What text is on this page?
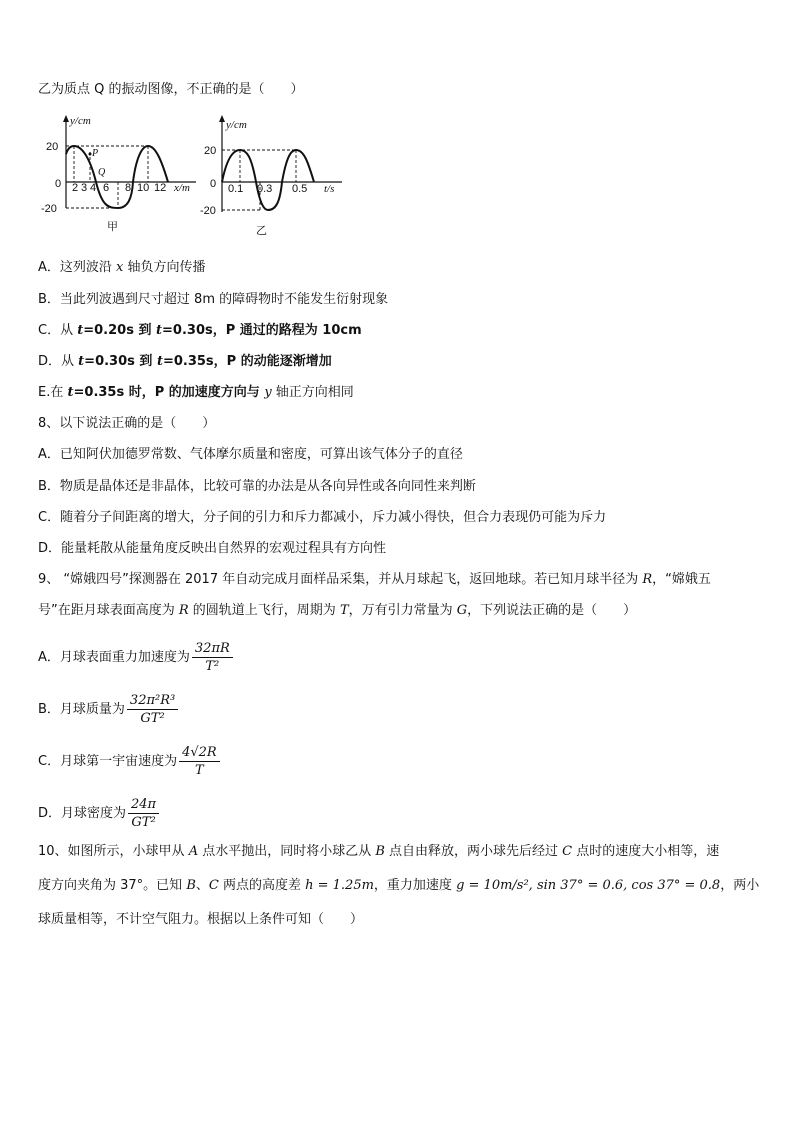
乙为质点 Q 的振动图像，不正确的是（　　）
y/cm
20
0
-20
2 3 4 6 8 10 12 x/m
P
Q
甲
y/cm
20
0
-20
0.1 0.3 0.5 t/s
乙
A．这列波沿 x 轴负方向传播
B．当此列波遇到尺寸超过 8m 的障碍物时不能发生衍射现象
C．从 t=0.20s 到 t=0.30s，P 通过的路程为 10cm
D．从 t=0.30s 到 t=0.35s，P 的动能逐渐增加
E.在 t=0.35s 时，P 的加速度方向与 y 轴正方向相同
8、以下说法正确的是（　　）
A．已知阿伏加德罗常数、气体摩尔质量和密度，可算出该气体分子的直径
B．物质是晶体还是非晶体，比较可靠的办法是从各向异性或各向同性来判断
C．随着分子间距离的增大，分子间的引力和斥力都减小，斥力减小得快，但合力表现仍可能为斥力
D．能量耗散从能量角度反映出自然界的宏观过程具有方向性
9、 “嫦娥四号”探测器在 2017 年自动完成月面样品采集，并从月球起飞，返回地球。若已知月球半径为 R，“嫦娥五
号”在距月球表面高度为 R 的圆轨道上飞行，周期为 T，万有引力常量为 G，下列说法正确的是（　　）
A．月球表面重力加速度为 $\frac{32\pi R}{\text{T²}}$
B．月球质量为 $\frac{\text{32π²R³}}{\text{GT²}}$
C．月球第一宇宙速度为 $\frac{4√2R}{T}$
D．月球密度为 $\frac{24\pi}{\text{GT²}}$
10、如图所示，小球甲从 A 点水平抛出，同时将小球乙从 B 点自由释放，两小球先后经过 C 点时的速度大小相等，速
度方向夹角为 37°。已知 B、C 两点的高度差 h = 1.25m，重力加速度 g = 10m/s², sin 37° = 0.6, cos 37° = 0.8，两小
球质量相等，不计空气阻力。根据以上条件可知（　　）
